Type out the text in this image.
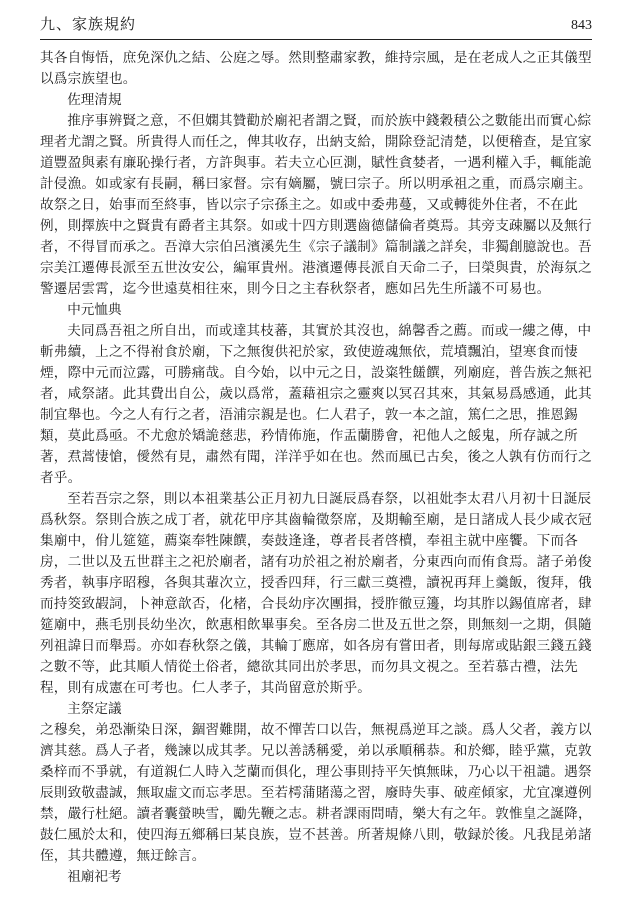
九、家族規約	843

其各自悔悟，庶免深仇之結、公庭之辱。然則整肅家教，維持宗風，是在老成人之正其儀型以爲宗族望也。

佐理清規

推序事辨賢之意，不但嫻其贊勸於廟祀者謂之賢，而於族中錢穀積公之數能出而實心綜理者尤謂之賢。所貴得人而任之，俾其收存，出納支給，開除登記清楚，以便稽查，是宜家道豐盈與素有廉恥操行者，方許與事。若夫立心叵測，賦性貪婪者，一遇利權入手，輒能詭計侵漁。如或家有長嗣，稱曰家督。宗有嫡屬，號曰宗子。所以明承祖之重，而爲宗廟主。故祭之日，始事而至終事，皆以宗子宗孫主之。如或中委弗蔓，又或轉徙外住者，不在此例，則擇族中之賢貴有爵者主其祭。如或十四方則選齒德儲倫者奠焉。其旁支疎屬以及無行者，不得冒而承之。吾漳大宗伯呂濱溪先生《宗子議制》篇制議之詳矣，非獨創臆說也。吾宗美江遷傳長派至五世汝安公，編軍貴州。港濱遷傳長派自天命二子，曰榮與貴，於海氛之警遷居雲霄，迄今世遠莫相往來，則今日之主春秋祭者，應如呂先生所議不可易也。

中元恤典

夫同爲吾祖之所自出，而或達其枝蕃，其實於其沒也，綿馨香之薦。而或一縷之傳，中斬弗續，上之不得祔食於廟，下之無復供祀於家，致使遊魂無依，荒墳飄泊，望寒食而悽煙，際中元而泣露，可勝痛哉。自今始，以中元之日，設粢牲饈饌，列廟庭，普告族之無祀者，咸祭諸。此其費出自公，歲以爲常，蓋藉祖宗之靈爽以冥召其來，其氣易爲感通，此其制宜舉也。今之人有行之者，浯浦宗親是也。仁人君子，敦一本之誼，篤仁之思，推恩錫類，莫此爲亟。不尤愈於矯詭慈悲，矜情佈施，作盂蘭勝會，祀他人之餒鬼，所存誠之所著，焄蒿悽愴，僾然有見，肅然有聞，洋洋乎如在也。然而風已古矣，後之人孰有仿而行之者乎。

至若吾宗之祭，則以本祖業基公正月初九日誕辰爲春祭，以祖妣李太君八月初十日誕辰爲秋祭。祭則合族之成丁者，就花甲序其齒輪徵祭席，及期輸至廟，是日諸成人長少咸衣冠集廟中，佾儿筵筵，薦粢奉牲陳饌，奏鼓逢逢，尊者長者啓櫝，奉祖主就中座饗。下而各房，二世以及五世群主之祀於廟者，諸有功於祖之祔於廟者，分東西向而侑食焉。諸子弟俊秀者，執事序昭穆，各與其輩次立，授香四拜，行三獻三奠禮，讀祝再拜上羹飯，復拜，俄而持筊致嘏詞，卜神意歆否，化楮，合長幼序次團揖，授胙徹豆籩，均其胙以錫值席者，肆筵廟中，燕毛別長幼坐次，飲惠相飲畢事矣。至各房二世及五世之祭，則無刻一之期，俱隨列祖諱日而舉焉。亦如春秋祭之儀，其輪丁應席，如各房有嘗田者，則每席或貼銀三錢五錢之數不等，此其順人情從土俗者，總欲其同出於孝思，而勿具文視之。至若慕古禮，法先程，則有成憲在可考也。仁人孝子，其尚留意於斯乎。

主祭定議

之穆矣，弟恐漸染日深，錮習難開，故不憚苦口以告，無視爲逆耳之談。爲人父者，義方以濟其慈。爲人子者，幾諫以成其孝。兄以善誘稱愛，弟以承順稱恭。和於鄉，睦乎黨，克敦桑梓而不爭就，有道親仁人時入芝蘭而俱化，理公事則持平矢慎無昧，乃心以干祖譴。遇祭辰則致敬盡誠，無取虛文而忘孝思。至若樗蒲賭蕩之習，廢時失事、破産傾家，尤宜凜遵例禁，嚴行杜絕。讀者囊螢映雪，勵先鞭之志。耕者課雨問晴，樂大有之年。敦惟皇之誕降，鼓仁風於太和，使四海五鄉稱曰某良族，豈不甚善。所著規條八則，敬録於後。凡我昆弟諸侄，其共體遵，無迂餘言。

祖廟祀考
